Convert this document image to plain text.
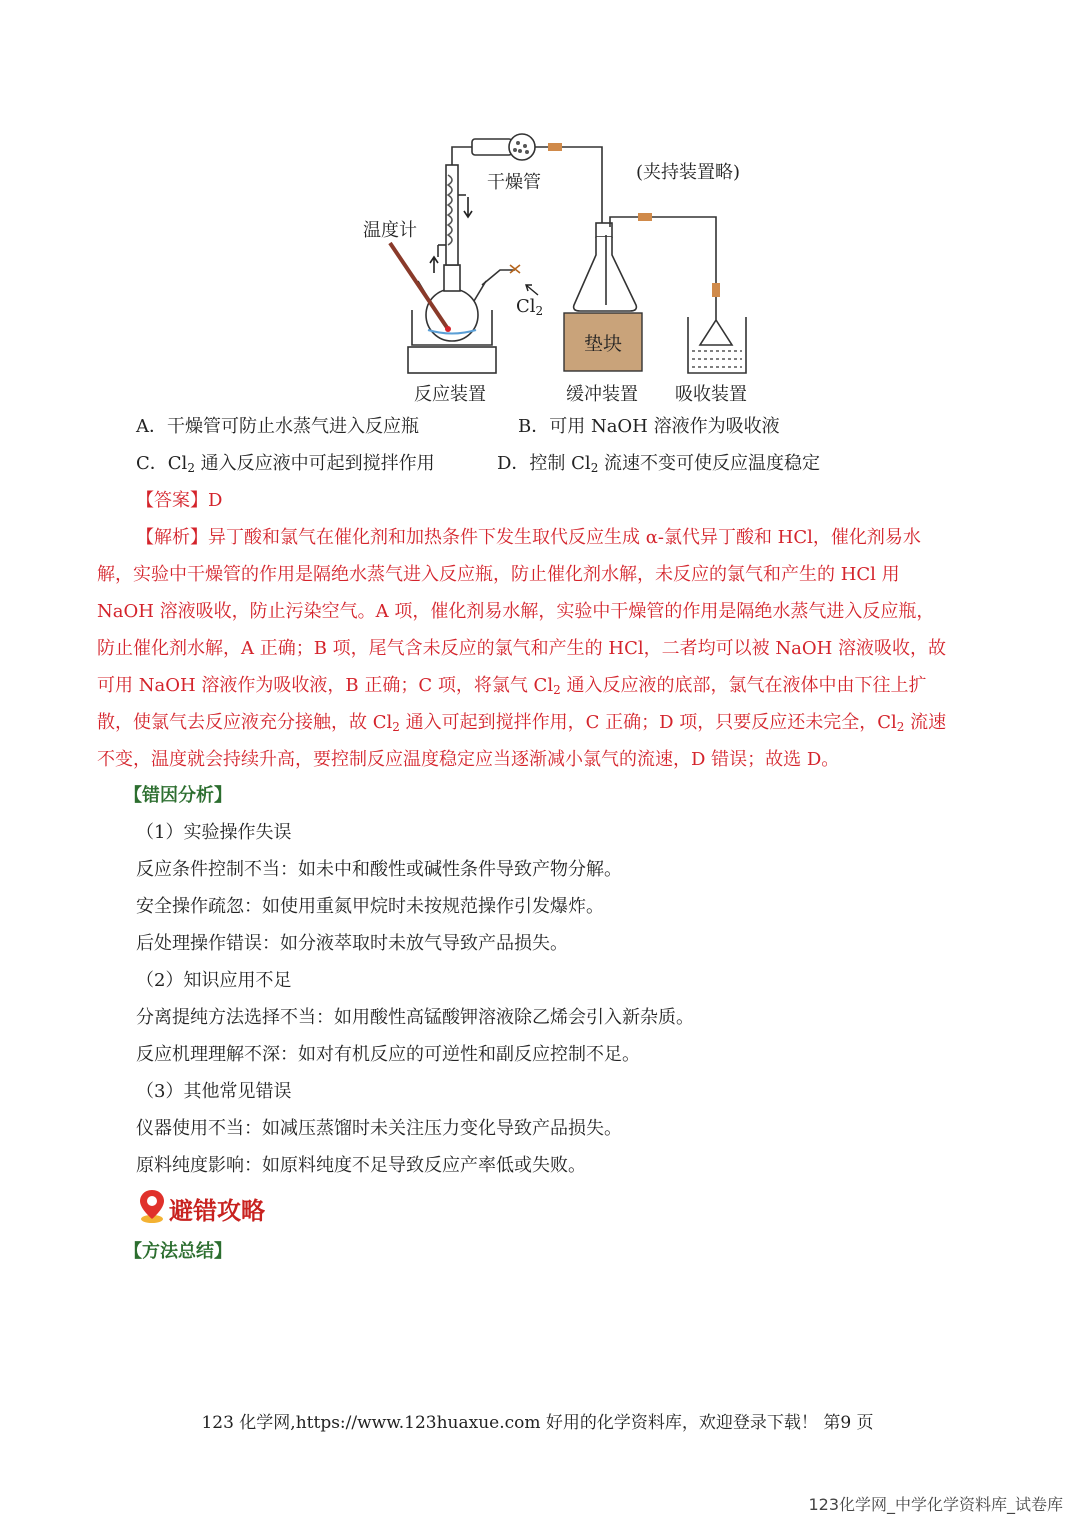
垫块
温度计
干燥管	(夹持装置略)
$Cl_2$
反应装置	缓冲装置 吸收装置
A．干燥管可防止水蒸气进入反应瓶	B．可用 NaOH 溶液作为吸收液
C．$Cl_2$ 通入反应液中可起到搅拌作用	D．控制 $Cl_2$ 流速不变可使反应温度稳定
【答案】D
【解析】异丁酸和氯气在催化剂和加热条件下发生取代反应生成 α-氯代异丁酸和 HCl，催化剂易水
解，实验中干燥管的作用是隔绝水蒸气进入反应瓶，防止催化剂水解，未反应的氯气和产生的 HCl 用
NaOH 溶液吸收，防止污染空气。A 项，催化剂易水解，实验中干燥管的作用是隔绝水蒸气进入反应瓶，
防止催化剂水解，A 正确；B 项，尾气含未反应的氯气和产生的 HCl，二者均可以被 NaOH 溶液吸收，故
可用 NaOH 溶液作为吸收液，B 正确；C 项，将氯气 $Cl_2$ 通入反应液的底部，氯气在液体中由下往上扩
散，使氯气去反应液充分接触，故 $Cl_2$ 通入可起到搅拌作用，C 正确；D 项，只要反应还未完全，$Cl_2$ 流速
不变，温度就会持续升高，要控制反应温度稳定应当逐渐减小氯气的流速，D 错误；故选 D。
【错因分析】
（1）实验操作失误
反应条件控制不当：如未中和酸性或碱性条件导致产物分解。
安全操作疏忽：如使用重氮甲烷时未按规范操作引发爆炸。
后处理操作错误：如分液萃取时未放气导致产品损失。
（2）知识应用不足
分离提纯方法选择不当：如用酸性高锰酸钾溶液除乙烯会引入新杂质。
反应机理理解不深：如对有机反应的可逆性和副反应控制不足。
（3）其他常见错误
仪器使用不当：如减压蒸馏时未关注压力变化导致产品损失。
原料纯度影响：如原料纯度不足导致反应产率低或失败。
避错攻略
【方法总结】
123 化学网,https://www.123huaxue.com 好用的化学资料库，欢迎登录下载！ 第9 页
123化学网_中学化学资料库_试卷库
